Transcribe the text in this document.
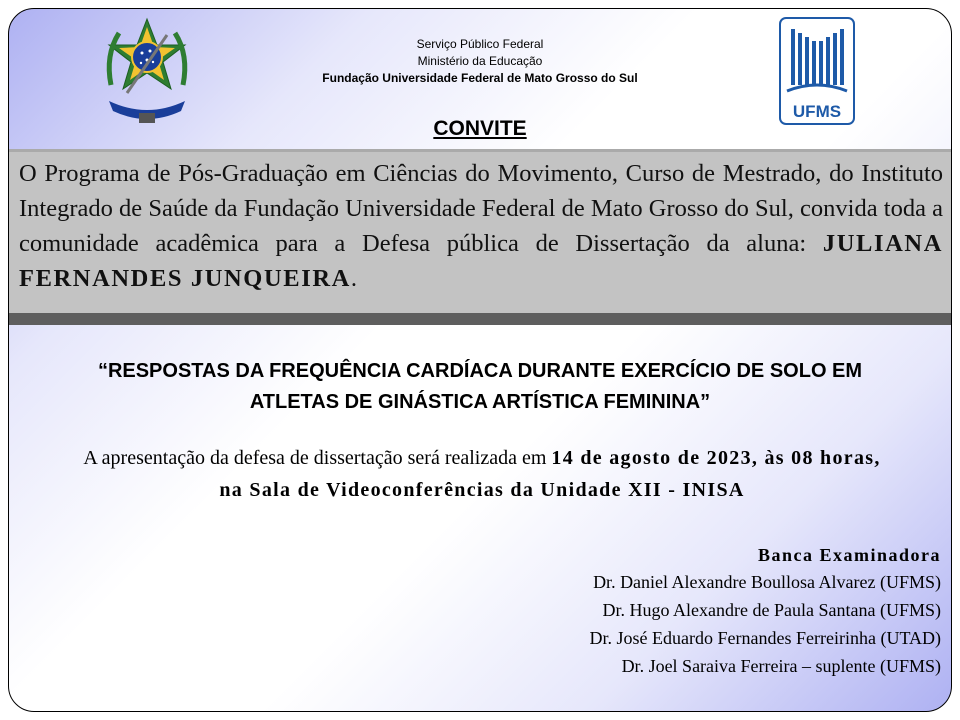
Serviço Público Federal
Ministério da Educação
Fundação Universidade Federal de Mato Grosso do Sul
UFMS
CONVITE

O Programa de Pós-Graduação em Ciências do Movimento, Curso de Mestrado, do Instituto Integrado de Saúde da Fundação Universidade Federal de Mato Grosso do Sul, convida toda a comunidade acadêmica para a Defesa pública de Dissertação da aluna: JULIANA FERNANDES JUNQUEIRA.

“RESPOSTAS DA FREQUÊNCIA CARDÍACA DURANTE EXERCÍCIO DE SOLO EM
ATLETAS DE GINÁSTICA ARTÍSTICA FEMININA”
A apresentação da defesa de dissertação será realizada em 14 de agosto de 2023, às 08 horas, na Sala de Videoconferências da Unidade XII - INISA
Banca Examinadora
Dr. Daniel Alexandre Boullosa Alvarez (UFMS)
Dr. Hugo Alexandre de Paula Santana (UFMS)
Dr. José Eduardo Fernandes Ferreirinha (UTAD)
Dr. Joel Saraiva Ferreira – suplente (UFMS)
